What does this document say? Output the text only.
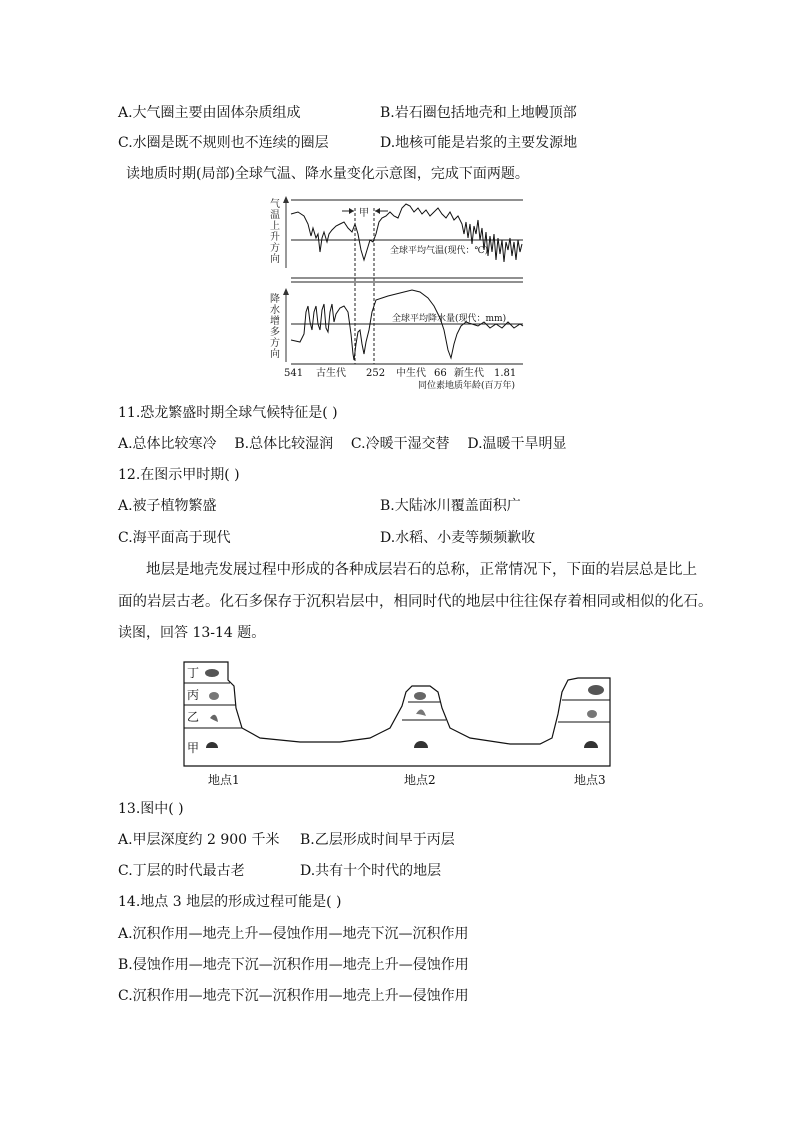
A.大气圈主要由固体杂质组成	B.岩石圈包括地壳和上地幔顶部
C.水圈是既不规则也不连续的圈层	D.地核可能是岩浆的主要发源地
读地质时期(局部)全球气温、降水量变化示意图，完成下面两题。
气
温
上
升
方
向
降
水
增
多
方
向
甲
全球平均气温(现代：℃)
全球平均降水量(现代：mm)
541 古生代 252 中生代 66 新生代 1.81
同位素地质年龄(百万年)
11.恐龙繁盛时期全球气候特征是( )
A.总体比较寒冷    B.总体比较湿润    C.冷暖干湿交替    D.温暖干旱明显
12.在图示甲时期( )
A.被子植物繁盛	B.大陆冰川覆盖面积广
C.海平面高于现代	D.水稻、小麦等频频歉收
地层是地壳发展过程中形成的各种成层岩石的总称，正常情况下，下面的岩层总是比上
面的岩层古老。化石多保存于沉积岩层中，相同时代的地层中往往保存着相同或相似的化石。
读图，回答 13-14 题。
丁
丙
乙
甲
地点1	地点2	地点3
13.图中( )
A.甲层深度约 2 900 千米 B.乙层形成时间早于丙层
C.丁层的时代最古老	D.共有十个时代的地层
14.地点 3 地层的形成过程可能是( )
A.沉积作用—地壳上升—侵蚀作用—地壳下沉—沉积作用
B.侵蚀作用—地壳下沉—沉积作用—地壳上升—侵蚀作用
C.沉积作用—地壳下沉—沉积作用—地壳上升—侵蚀作用
